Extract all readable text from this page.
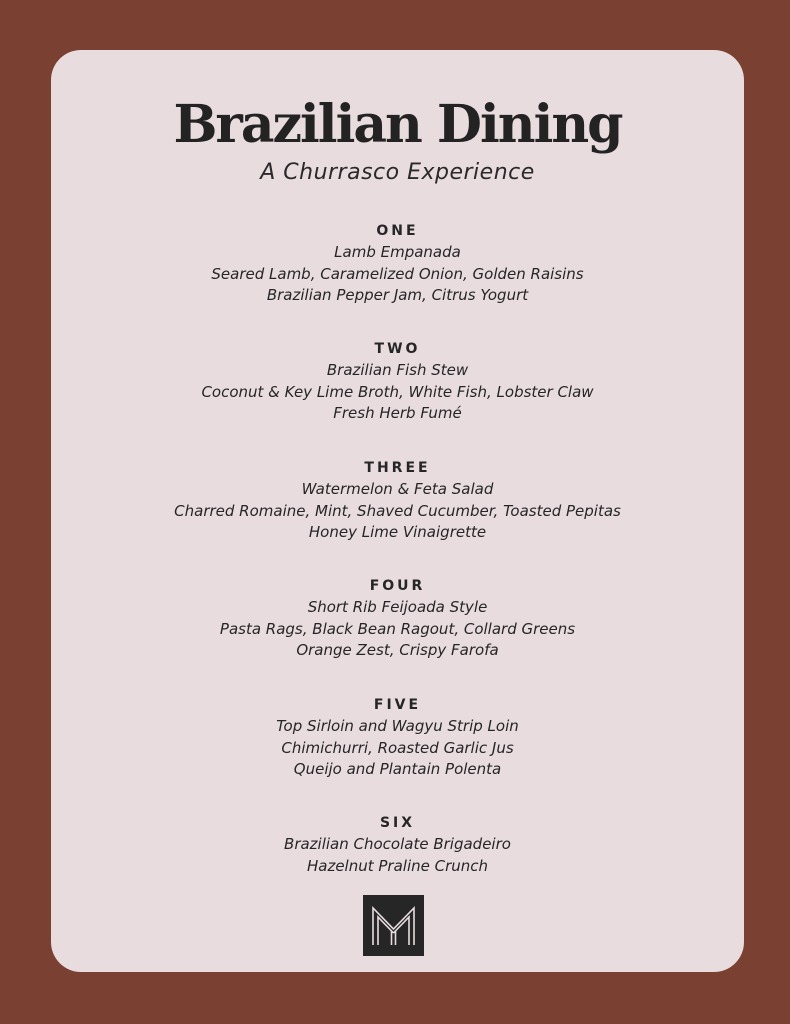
Brazilian Dining
A Churrasco Experience
ONE
Lamb Empanada
Seared Lamb, Caramelized Onion, Golden Raisins
Brazilian Pepper Jam, Citrus Yogurt
TWO
Brazilian Fish Stew
Coconut & Key Lime Broth, White Fish, Lobster Claw
Fresh Herb Fumé
THREE
Watermelon & Feta Salad
Charred Romaine, Mint, Shaved Cucumber, Toasted Pepitas
Honey Lime Vinaigrette
FOUR
Short Rib Feijoada Style
Pasta Rags, Black Bean Ragout, Collard Greens
Orange Zest, Crispy Farofa
FIVE
Top Sirloin and Wagyu Strip Loin
Chimichurri, Roasted Garlic Jus
Queijo and Plantain Polenta
SIX
Brazilian Chocolate Brigadeiro
Hazelnut Praline Crunch
